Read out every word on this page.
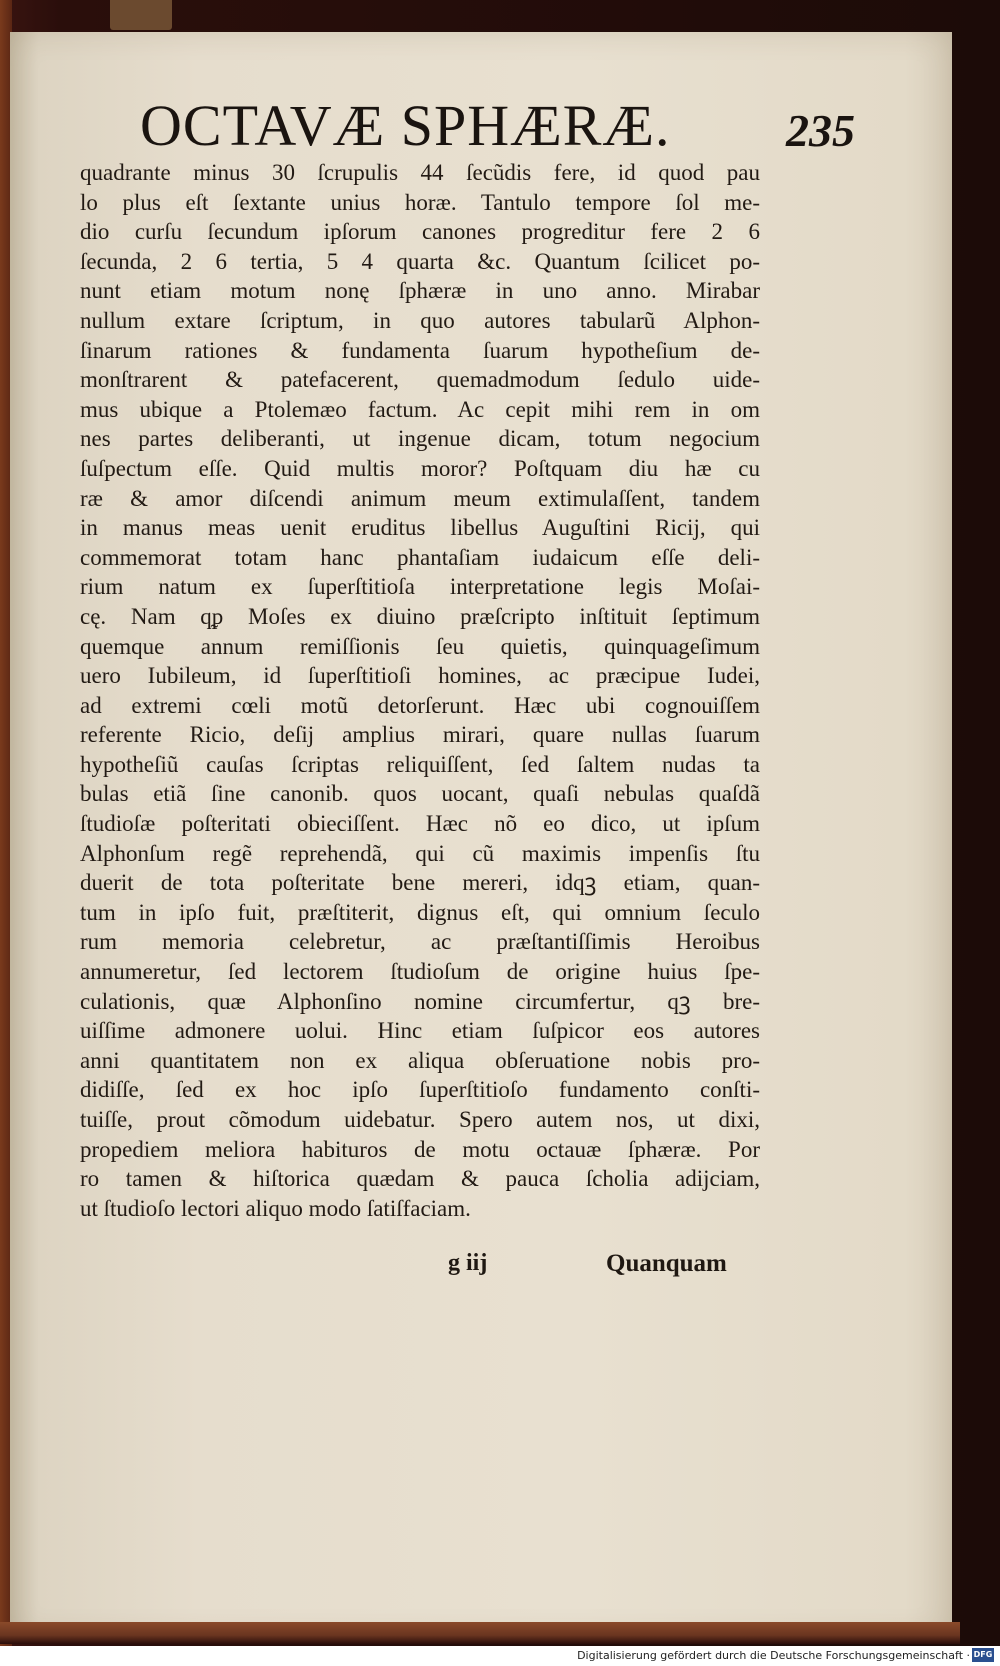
OCTAVÆ SPHÆRÆ.	235
quadrante minus 30 ſcrupulis 44 ſecũdis fere, id quod pau
lo plus eſt ſextante unius horæ. Tantulo tempore ſol me-
dio curſu ſecundum ipſorum canones progreditur fere 2 6
ſecunda, 2 6 tertia, 5 4 quarta &c. Quantum ſcilicet po-
nunt etiam motum nonę ſphæræ in uno anno. Mirabar
nullum extare ſcriptum, in quo autores tabularũ Alphon-
ſinarum rationes & fundamenta ſuarum hypotheſium de-
monſtrarent & patefacerent, quemadmodum ſedulo uide-
mus ubique a Ptolemæo factum. Ac cepit mihi rem in om
nes partes deliberanti, ut ingenue dicam, totum negocium
ſuſpectum eſſe. Quid multis moror? Poſtquam diu hæ cu
ræ & amor diſcendi animum meum extimulaſſent, tandem
in manus meas uenit eruditus libellus Auguſtini Ricij, qui
commemorat totam hanc phantaſiam iudaicum eſſe deli-
rium natum ex ſuperſtitioſa interpretatione legis Moſai-
cę. Nam qᵱ Moſes ex diuino præſcripto inſtituit ſeptimum
quemque annum remiſſionis ſeu quietis, quinquageſimum
uero Iubileum, id ſuperſtitioſi homines, ac præcipue Iudei,
ad extremi cœli motũ detorſerunt. Hæc ubi cognouiſſem
referente Ricio, deſij amplius mirari, quare nullas ſuarum
hypotheſiũ cauſas ſcriptas reliquiſſent, ſed ſaltem nudas ta
bulas etiã ſine canonib. quos uocant, quaſi nebulas quaſdã
ſtudioſæ poſteritati obieciſſent. Hæc nõ eo dico, ut ipſum
Alphonſum regẽ reprehendã, qui cũ maximis impenſis ſtu
duerit de tota poſteritate bene mereri, idqꝫ etiam, quan-
tum in ipſo fuit, præſtiterit, dignus eſt, qui omnium ſeculo
rum memoria celebretur, ac præſtantiſſimis Heroibus
annumeretur, ſed lectorem ſtudioſum de origine huius ſpe-
culationis, quæ Alphonſino nomine circumfertur, qꝫ bre-
uiſſime admonere uolui. Hinc etiam ſuſpicor eos autores
anni quantitatem non ex aliqua obſeruatione nobis pro-
didiſſe, ſed ex hoc ipſo ſuperſtitioſo fundamento conſti-
tuiſſe, prout cõmodum uidebatur. Spero autem nos, ut dixi,
propediem meliora habituros de motu octauæ ſphæræ. Por
ro tamen & hiſtorica quædam & pauca ſcholia adijciam,
ut ſtudioſo lectori aliquo modo ſatiſfaciam.
g iij	Quanquam
Digitalisierung gefördert durch die Deutsche Forschungsgemeinschaft · DFG
